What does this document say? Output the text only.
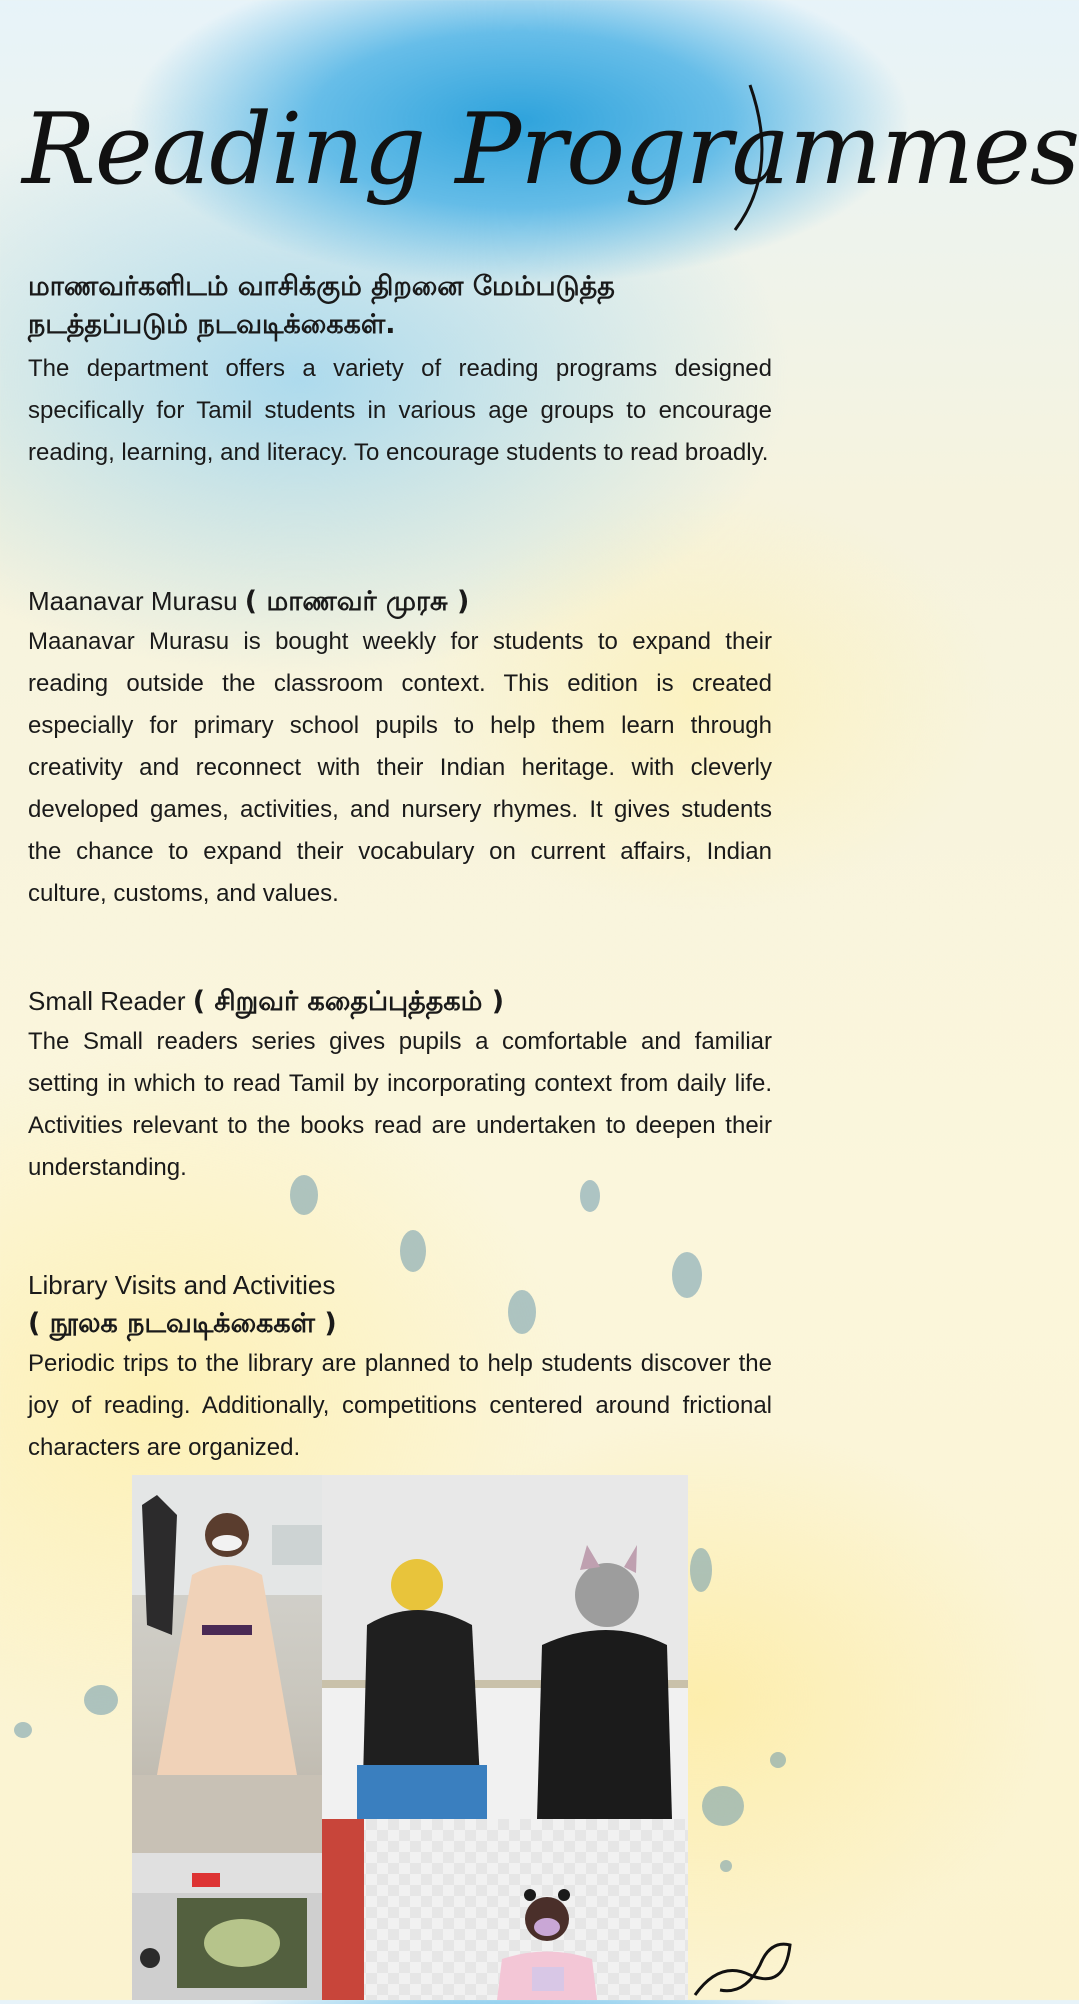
Reading Programmes

மாணவர்களிடம் வாசிக்கும் திறனை மேம்படுத்த நடத்தப்படும் நடவடிக்கைகள்.

The department offers a variety of reading programs designed specifically for Tamil students in various age groups to encourage reading, learning, and literacy. To encourage students to read broadly.

Maanavar Murasu ( மாணவர் முரசு )

Maanavar Murasu is bought weekly for students to expand their reading outside the classroom context. This edition is created especially for primary school pupils to help them learn through creativity and reconnect with their Indian heritage. with cleverly developed games, activities, and nursery rhymes. It gives students the chance to expand their vocabulary on current affairs, Indian culture, customs, and values.

Small Reader ( சிறுவர் கதைப்புத்தகம் )

The Small readers series gives pupils a comfortable and familiar setting in which to read Tamil by incorporating context from daily life. Activities relevant to the books read are undertaken to deepen their understanding.

Library Visits and Activities

( நூலக நடவடிக்கைகள் )

Periodic trips to the library are planned to help students discover the joy of reading. Additionally, competitions centered around frictional characters are organized.
